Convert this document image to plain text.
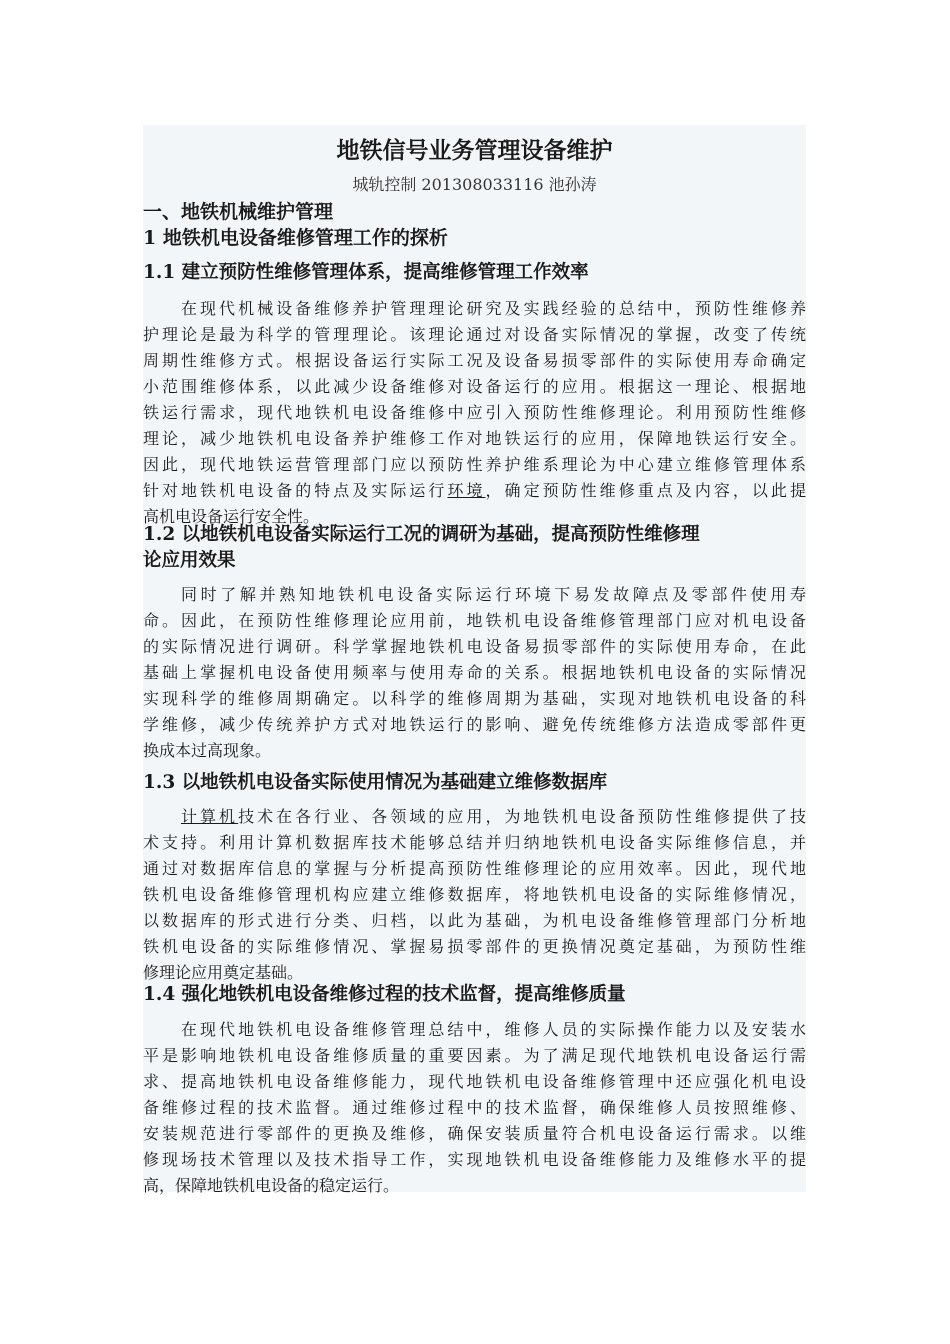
地铁信号业务管理设备维护
城轨控制 201308033116 池孙涛
一、地铁机械维护管理
1 地铁机电设备维修管理工作的探析
1.1 建立预防性维修管理体系，提高维修管理工作效率
在现代机械设备维修养护管理理论研究及实践经验的总结中，预防性维修养
护理论是最为科学的管理理论。该理论通过对设备实际情况的掌握，改变了传统
周期性维修方式。根据设备运行实际工况及设备易损零部件的实际使用寿命确定
小范围维修体系，以此减少设备维修对设备运行的应用。根据这一理论、根据地
铁运行需求，现代地铁机电设备维修中应引入预防性维修理论。利用预防性维修
理论，减少地铁机电设备养护维修工作对地铁运行的应用，保障地铁运行安全。
因此，现代地铁运营管理部门应以预防性养护维系理论为中心建立维修管理体系
针对地铁机电设备的特点及实际运行环境，确定预防性维修重点及内容，以此提
高机电设备运行安全性。
1.2 以地铁机电设备实际运行工况的调研为基础，提高预防性维修理
论应用效果
同时了解并熟知地铁机电设备实际运行环境下易发故障点及零部件使用寿
命。因此，在预防性维修理论应用前，地铁机电设备维修管理部门应对机电设备
的实际情况进行调研。科学掌握地铁机电设备易损零部件的实际使用寿命，在此
基础上掌握机电设备使用频率与使用寿命的关系。根据地铁机电设备的实际情况
实现科学的维修周期确定。以科学的维修周期为基础，实现对地铁机电设备的科
学维修，减少传统养护方式对地铁运行的影响、避免传统维修方法造成零部件更
换成本过高现象。
1.3 以地铁机电设备实际使用情况为基础建立维修数据库
计算机技术在各行业、各领域的应用，为地铁机电设备预防性维修提供了技
术支持。利用计算机数据库技术能够总结并归纳地铁机电设备实际维修信息，并
通过对数据库信息的掌握与分析提高预防性维修理论的应用效率。因此，现代地
铁机电设备维修管理机构应建立维修数据库，将地铁机电设备的实际维修情况，
以数据库的形式进行分类、归档，以此为基础，为机电设备维修管理部门分析地
铁机电设备的实际维修情况、掌握易损零部件的更换情况奠定基础，为预防性维
修理论应用奠定基础。
1.4 强化地铁机电设备维修过程的技术监督，提高维修质量
在现代地铁机电设备维修管理总结中，维修人员的实际操作能力以及安装水
平是影响地铁机电设备维修质量的重要因素。为了满足现代地铁机电设备运行需
求、提高地铁机电设备维修能力，现代地铁机电设备维修管理中还应强化机电设
备维修过程的技术监督。通过维修过程中的技术监督，确保维修人员按照维修、
安装规范进行零部件的更换及维修，确保安装质量符合机电设备运行需求。以维
修现场技术管理以及技术指导工作，实现地铁机电设备维修能力及维修水平的提
高，保障地铁机电设备的稳定运行。
